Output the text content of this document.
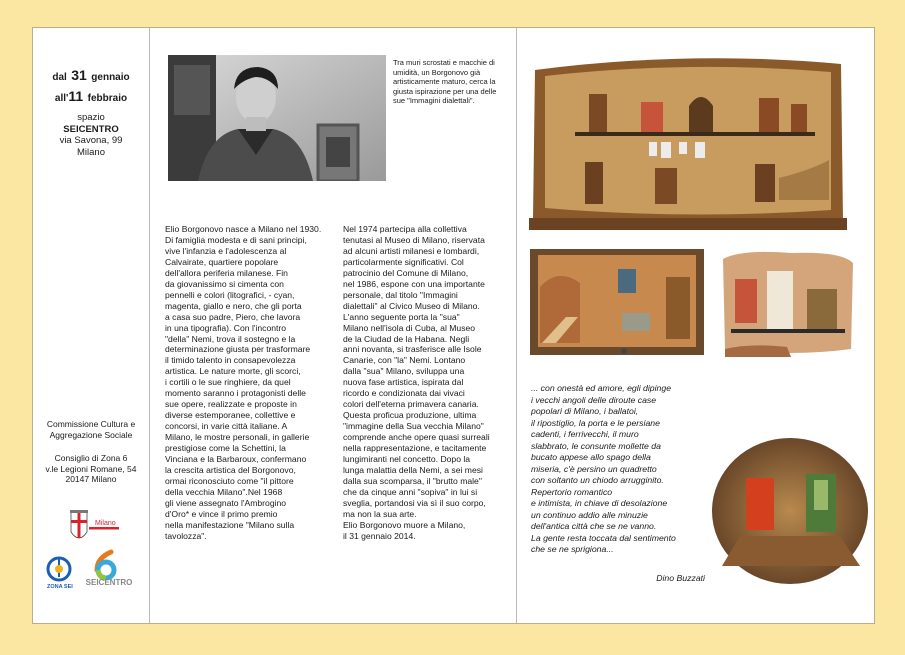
dal 31 gennaio
all'11 febbraio
spazio
SEICENTRO
via Savona, 99
Milano
Commissione Cultura e
Aggregazione Sociale
Consiglio di Zona 6
v.le Legioni Romane, 54
20147 Milano
Milano
ZONA SEI	SEICENTRO
Tra muri scrostati e macchie di umidità, un Borgonovo già artisticamente maturo, cerca la giusta ispirazione per una delle sue "Immagini dialettali".
Elio Borgonovo nasce a Milano nel 1930.
Di famiglia modesta e di sani principi,
vive l'infanzia e l'adolescenza al
Calvairate, quartiere popolare
dell'allora periferia milanese. Fin
da giovanissimo si cimenta con
pennelli e colori (litografici, - cyan,
magenta, giallo e nero, che gli porta
a casa suo padre, Piero, che lavora
in una tipografia). Con l'incontro
"della" Nemi, trova il sostegno e la
determinazione giusta per trasformare
il timido talento in consapevolezza
artistica. Le nature morte, gli scorci,
i cortili o le sue ringhiere, da quel
momento saranno i protagonisti delle
sue opere, realizzate e proposte in
diverse estemporanee, collettive e
concorsi, in varie città italiane. A
Milano, le mostre personali, in gallerie
prestigiose come la Schettini, la
Vinciana e la Barbaroux, confermano
la crescita artistica del Borgonovo,
ormai riconosciuto come "il pittore
della vecchia Milano".Nel 1968
gli viene assegnato l'Ambrogino
d'Oro* e vince il primo premio
nella manifestazione "Milano sulla
tavolozza".
Nel 1974 partecipa alla collettiva
tenutasi al Museo di Milano, riservata
ad alcuni artisti milanesi e lombardi,
particolarmente significativi. Col
patrocinio del Comune di Milano,
nel 1986, espone con una importante
personale, dal titolo "Immagini
dialettali" al Civico Museo di Milano.
L'anno seguente porta la "sua"
Milano nell'isola di Cuba, al Museo
de la Ciudad de la Habana. Negli
anni novanta, si trasferisce alle Isole
Canarie, con "la" Nemi. Lontano
dalla "sua" Milano, sviluppa una
nuova fase artistica, ispirata dal
ricordo e condizionata dai vivaci
colori dell'eterna primavera canaria.
Questa proficua produzione, ultima
"immagine della Sua vecchia Milano"
comprende anche opere quasi surreali
nella rappresentazione, e tacitamente
lungimiranti nel concetto. Dopo la
lunga malattia della Nemi, a sei mesi
dalla sua scomparsa, il "brutto male"
che da cinque anni "sopiva" in lui si
sveglia, portandosi via sì il suo corpo,
ma non la sua arte.
Elio Borgonovo muore a Milano,
il 31 gennaio 2014.
... con onestà ed amore, egli dipinge
i vecchi angoli delle diroute case
popolari di Milano, i ballatoi,
il ripostiglio, la porta e le persiane
cadenti, i ferrivecchi, il muro
slabbrato, le consunte mollette da
bucato appese allo spago della
miseria, c'è persino un quadretto
con soltanto un chiodo arrugginito.
Repertorio romantico
e intimista, in chiave di desolazione
un continuo addio alle minuzie
dell'antica città che se ne vanno.
La gente resta toccata dal sentimento
che se ne sprigiona...
Dino Buzzati
